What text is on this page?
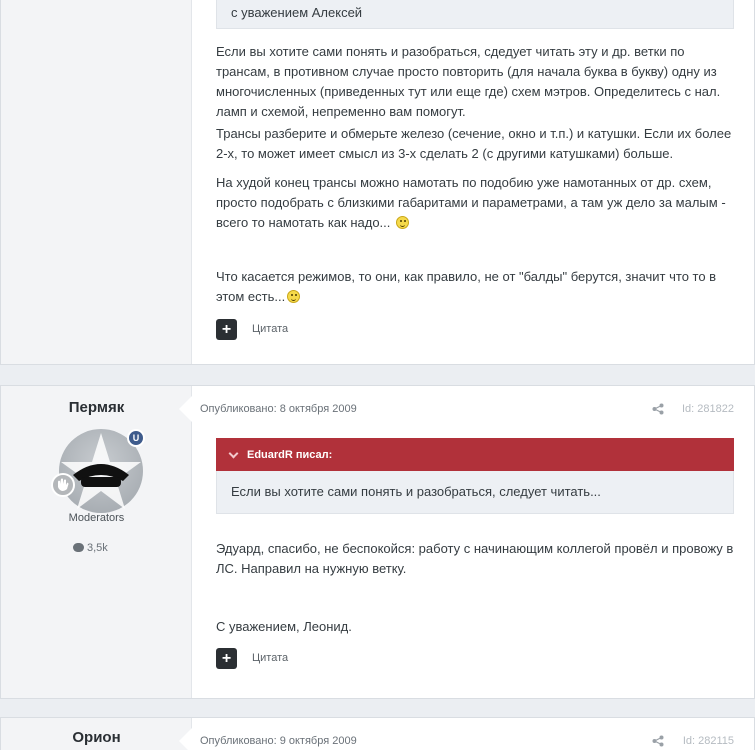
с уважением Алексей

Если вы хотите сами понять и разобраться, сдедует читать эту и др. ветки по трансам, в противном случае просто повторить (для начала буква в букву) одну из многочисленных (приведенных тут или еще где) схем мэтров. Определитесь с нал. ламп и схемой, непременно вам помогут.

Трансы разберите и обмерьте железо (сечение, окно и т.п.) и катушки. Если их более 2-х, то может имеет смысл из 3-х сделать 2 (с другими катушками) больше.

На худой конец трансы можно намотать по подобию уже намотанных от др. схем, просто подобрать с близкими габаритами и параметрами, а там уж дело за малым - всего то намотать как надо...

Что касается режимов, то они, как правило, не от "балды" берутся, значит что то в этом есть...

+	Цитата
Пермяк
U
Moderators
3,5k
Опубликовано: 8 октября 2009	Id: 281822
EduardR писал:
Если вы хотите сами понять и разобраться, следует читать...

Эдуард, спасибо, не беспокойся: работу с начинающим коллегой провёл и провожу в ЛС. Направил на нужную ветку.

С уважением, Леонид.

+	Цитата
Орион	Опубликовано: 9 октября 2009	Id: 282115
